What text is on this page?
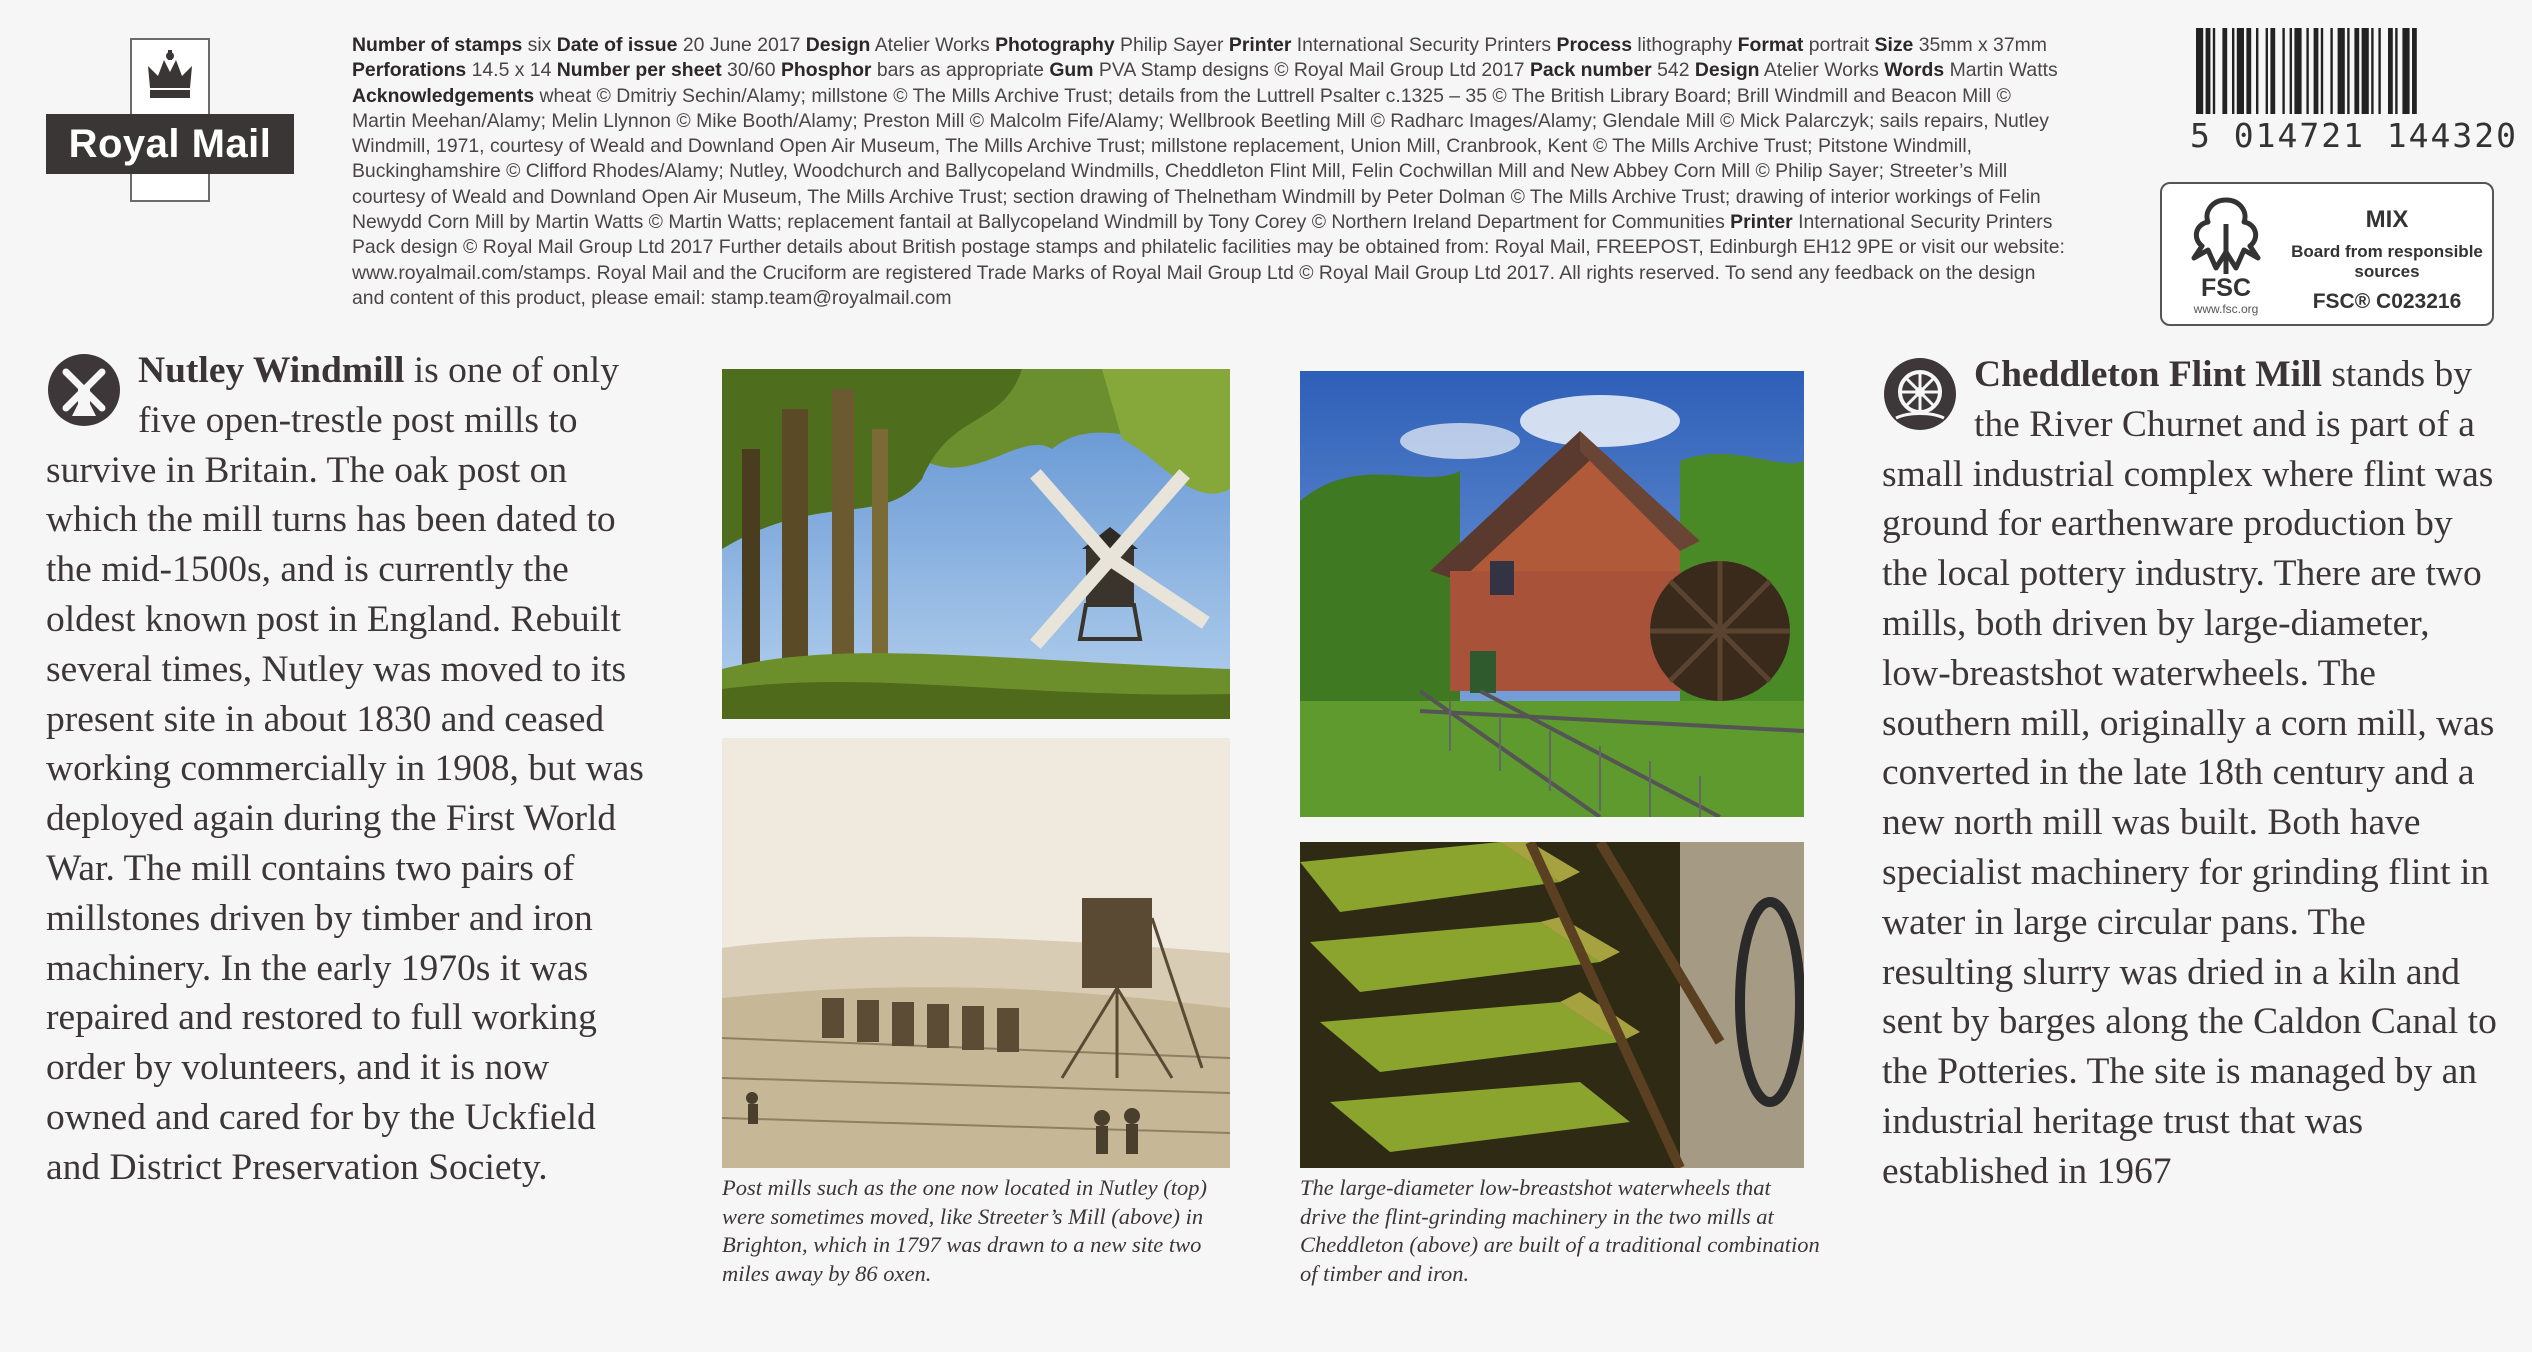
Royal Mail
Number of stamps six Date of issue 20 June 2017 Design Atelier Works Photography Philip Sayer Printer International Security Printers Process lithography Format portrait Size 35mm x 37mm Perforations 14.5 x 14 Number per sheet 30/60 Phosphor bars as appropriate Gum PVA Stamp designs © Royal Mail Group Ltd 2017 Pack number 542 Design Atelier Works Words Martin Watts Acknowledgements wheat © Dmitriy Sechin/Alamy; millstone © The Mills Archive Trust; details from the Luttrell Psalter c.1325 – 35 © The British Library Board; Brill Windmill and Beacon Mill © Martin Meehan/Alamy; Melin Llynnon © Mike Booth/Alamy; Preston Mill © Malcolm Fife/Alamy; Wellbrook Beetling Mill © Radharc Images/Alamy; Glendale Mill © Mick Palarczyk; sails repairs, Nutley Windmill, 1971, courtesy of Weald and Downland Open Air Museum, The Mills Archive Trust; millstone replacement, Union Mill, Cranbrook, Kent © The Mills Archive Trust; Pitstone Windmill, Buckinghamshire © Clifford Rhodes/Alamy; Nutley, Woodchurch and Ballycopeland Windmills, Cheddleton Flint Mill, Felin Cochwillan Mill and New Abbey Corn Mill © Philip Sayer; Streeter’s Mill courtesy of Weald and Downland Open Air Museum, The Mills Archive Trust; section drawing of Thelnetham Windmill by Peter Dolman © The Mills Archive Trust; drawing of interior workings of Felin Newydd Corn Mill by Martin Watts © Martin Watts; replacement fantail at Ballycopeland Windmill by Tony Corey © Northern Ireland Department for Communities Printer International Security Printers Pack design © Royal Mail Group Ltd 2017 Further details about British postage stamps and philatelic facilities may be obtained from: Royal Mail, FREEPOST, Edinburgh EH12 9PE or visit our website: www.royalmail.com/stamps. Royal Mail and the Cruciform are registered Trade Marks of Royal Mail Group Ltd © Royal Mail Group Ltd 2017. All rights reserved. To send any feedback on the design and content of this product, please email: stamp.team@royalmail.com
5 014721 144320
FSC
www.fsc.org
MIX
Board from responsible sources
FSC® C023216
Nutley Windmill is one of only five open-trestle post mills to survive in Britain. The oak post on which the mill turns has been dated to the mid-1500s, and is currently the oldest known post in England. Rebuilt several times, Nutley was moved to its present site in about 1830 and ceased working commercially in 1908, but was deployed again during the First World War. The mill contains two pairs of millstones driven by timber and iron machinery. In the early 1970s it was repaired and restored to full working order by volunteers, and it is now owned and cared for by the Uckfield and District Preservation Society.	Post mills such as the one now located in Nutley (top) were sometimes moved, like Streeter’s Mill (above) in Brighton, which in 1797 was drawn to a new site two miles away by 86 oxen.
The large-diameter low-breastshot waterwheels that drive the flint-grinding machinery in the two mills at Cheddleton (above) are built of a traditional combination of timber and iron.
Cheddleton Flint Mill stands by the River Churnet and is part of a small industrial complex where flint was ground for earthenware production by the local pottery industry. There are two mills, both driven by large-diameter, low-breastshot waterwheels. The southern mill, originally a corn mill, was converted in the late 18th century and a new north mill was built. Both have specialist machinery for grinding flint in water in large circular pans. The resulting slurry was dried in a kiln and sent by barges along the Caldon Canal to the Potteries. The site is managed by an industrial heritage trust that was established in 1967
